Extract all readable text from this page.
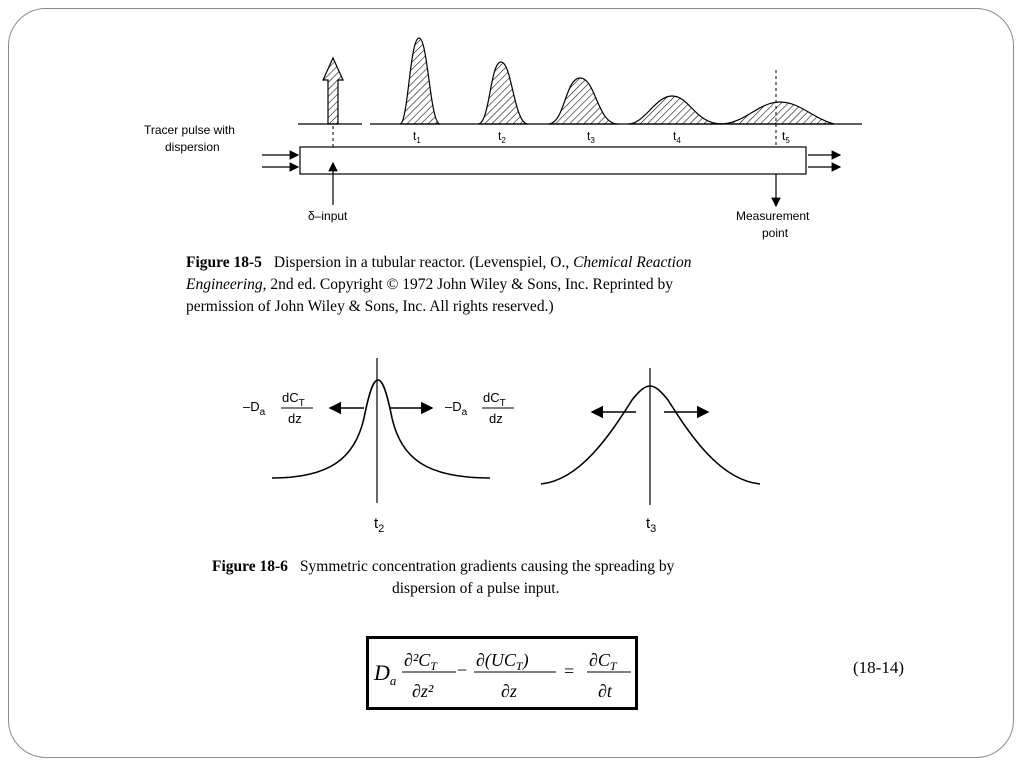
Tracer pulse with
dispersion
$t_1$	$t_2$	$t_3$	$t_4$	$t_5$
δ–input	Measurement
point
$-D_a$
$dC_T$
dz
$-D_a$
$dC_T$
dz
$t_2$	$t_3$
$D_a$
$\partial^2C_T$
∂z²
− $\partial(UC_T)$
∂z
=
$\partial C_T$
∂t
Figure 18-5 Dispersion in a tubular reactor. (Levenspiel, O., Chemical Reaction
Engineering, 2nd ed. Copyright © 1972 John Wiley & Sons, Inc. Reprinted by
permission of John Wiley & Sons, Inc. All rights reserved.)
Figure 18-6 Symmetric concentration gradients causing the spreading by
dispersion of a pulse input.
(18-14)
